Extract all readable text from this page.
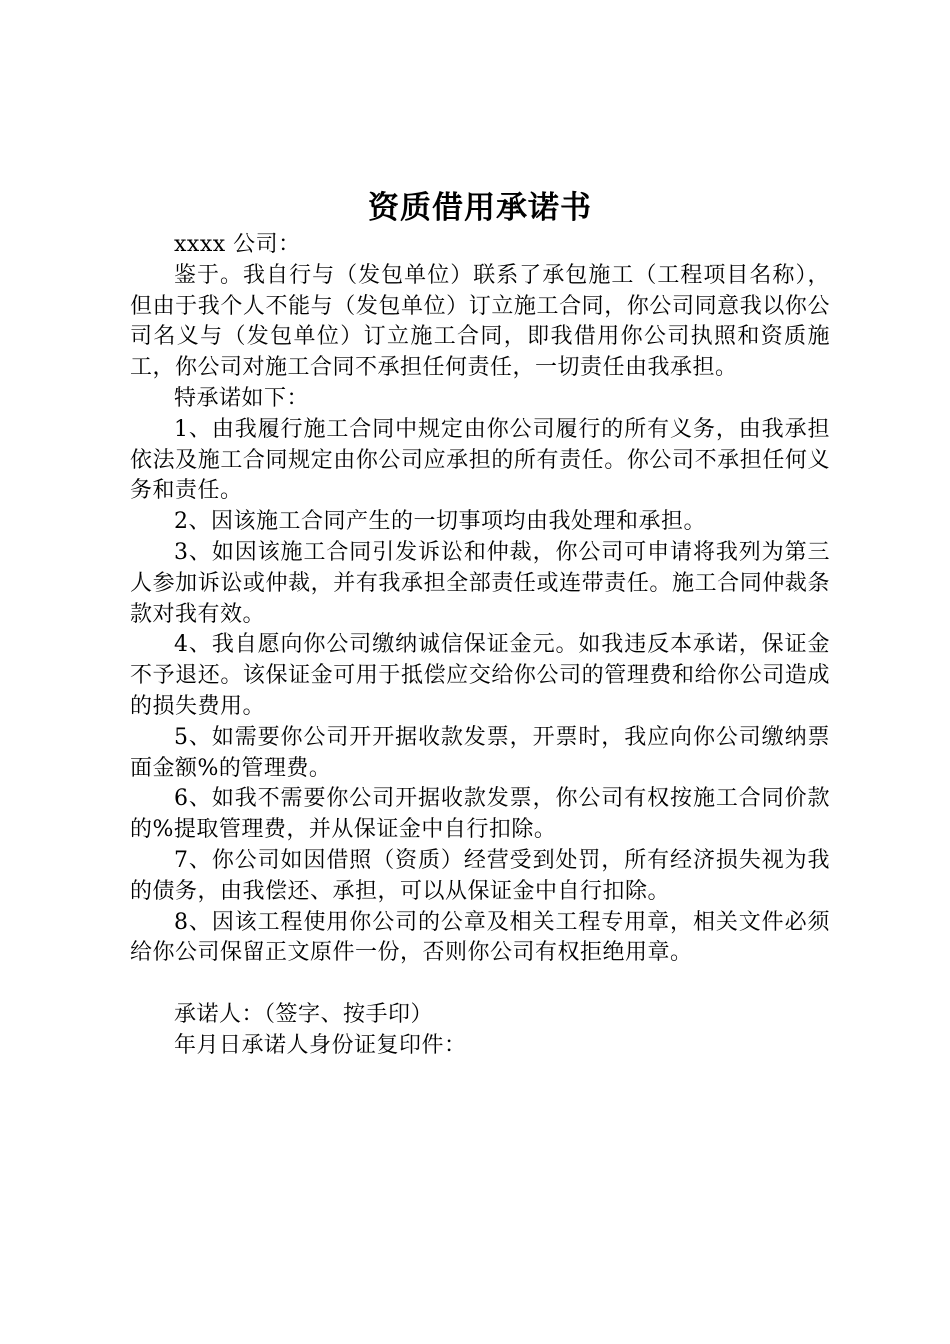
资质借用承诺书

xxxx 公司：

鉴于。我自行与（发包单位）联系了承包施工（工程项目名称），但由于我个人不能与（发包单位）订立施工合同，你公司同意我以你公司名义与（发包单位）订立施工合同，即我借用你公司执照和资质施工，你公司对施工合同不承担任何责任，一切责任由我承担。

特承诺如下：

1、由我履行施工合同中规定由你公司履行的所有义务，由我承担依法及施工合同规定由你公司应承担的所有责任。你公司不承担任何义务和责任。

2、因该施工合同产生的一切事项均由我处理和承担。

3、如因该施工合同引发诉讼和仲裁，你公司可申请将我列为第三人参加诉讼或仲裁，并有我承担全部责任或连带责任。施工合同仲裁条款对我有效。

4、我自愿向你公司缴纳诚信保证金元。如我违反本承诺，保证金不予退还。该保证金可用于抵偿应交给你公司的管理费和给你公司造成的损失费用。

5、如需要你公司开开据收款发票，开票时，我应向你公司缴纳票面金额%的管理费。

6、如我不需要你公司开据收款发票，你公司有权按施工合同价款的%提取管理费，并从保证金中自行扣除。

7、你公司如因借照（资质）经营受到处罚，所有经济损失视为我的债务，由我偿还、承担，可以从保证金中自行扣除。

8、因该工程使用你公司的公章及相关工程专用章，相关文件必须给你公司保留正文原件一份，否则你公司有权拒绝用章。

承诺人：（签字、按手印）

年月日承诺人身份证复印件：
